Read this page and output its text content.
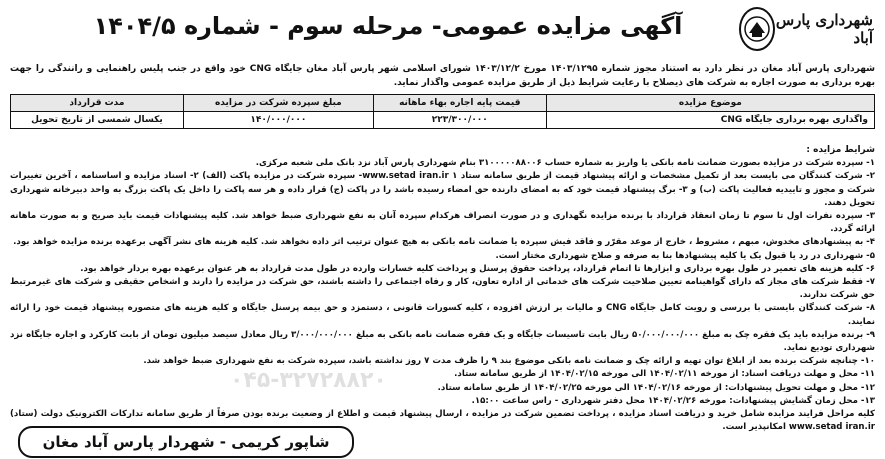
شهرداری پارس آباد
آگهی مزایده عمومی- مرحله سوم - شماره ۱۴۰۴/۵
شهرداری پارس آباد مغان در نظر دارد به استناد مجوز شماره ۱۴۰۳/۱۲۹۵ مورخ ۱۴۰۳/۱۲/۲ شورای اسلامی شهر پارس آباد مغان جایگاه CNG خود واقع در جنب پلیس راهنمایی و رانندگی را جهت بهره برداری به صورت اجاره به شرکت های ذیصلاح با رعایت شرایط ذیل از طریق مزایده عمومی واگذار نماید.
موضوع مزایده	قیمت پایه اجاره بهاء ماهانه	مبلغ سپرده شرکت در مزایده	مدت قرارداد
واگذاری بهره برداری جایگاه CNG	۲۲۳/۳۰۰/۰۰۰	۱۴۰/۰۰۰/۰۰۰	یکسال شمسی از تاریخ تحویل

شرایط مزایده :

۱- سپرده شرکت در مزایده بصورت ضمانت نامه بانکی یا واریز به شماره حساب ۳۱۰۰۰۰۰۸۸۰۰۶ بنام شهرداری پارس آباد نزد بانک ملی شعبه مرکزی.
۲- شرکت کنندگان می بایست بعد از تکمیل مشخصات و ارائه پیشنهاد قیمت از طریق سامانه ستاد www.setad iran.ir ۱- سپرده شرکت در مزایده پاکت (الف) ۲- اسناد مزایده و اساسنامه ، آخرین تغییرات شرکت و مجوز و تاییدیه فعالیت پاکت (ب) و ۳- برگ پیشنهاد قیمت خود که به امضای دارنده حق امضاء رسیده باشد را در پاکت (ج) قرار داده و هر سه پاکت را داخل یک پاکت بزرگ به واحد دبیرخانه شهرداری تحویل دهند.
۳- سپرده نفرات اول تا سوم تا زمان انعقاد قرارداد با برنده مزایده نگهداری و در صورت انصراف هرکدام سپرده آنان به نفع شهرداری ضبط خواهد شد. کلیه پیشنهادات قیمت باید صریح و به صورت ماهانه ارائه گردد.
۴- به پیشنهادهای مخدوش، مبهم ، مشروط ، خارج از موعد مقرّر و فاقد فیش سپرده یا ضمانت نامه بانکی به هیچ عنوان ترتیب اثر داده نخواهد شد. کلیه هزینه های نشر آگهی برعهده برنده مزایده خواهد بود.
۵- شهرداری در رد یا قبول یک یا کلیه پیشنهادها بنا به صرفه و صلاح شهرداری مختار است.
۶- کلیه هزینه های تعمیر در طول بهره برداری و ابزارها تا اتمام قرارداد، پرداخت حقوق پرسنل و پرداخت کلیه خسارات وارده در طول مدت قرارداد به هر عنوان برعهده بهره بردار خواهد بود.
۷- فقط شرکت های مجاز که دارای گواهینامه تعیین صلاحیت شرکت های خدماتی از اداره تعاون، کار و رفاه اجتماعی را داشته باشند، حق شرکت در مزایده را دارند و اشخاص حقیقی و شرکت های غیرمرتبط حق شرکت ندارند.
۸- شرکت کنندگان بایستی با بررسی و رویت کامل جایگاه CNG و مالیات بر ارزش افزوده ، کلیه کسورات قانونی ، دستمزد و حق بیمه پرسنل جایگاه و کلیه هزینه های متصوره پیشنهاد قیمت خود را ارائه نمایند.
۹- برنده مزایده باید یک فقره چک به مبلغ ۵۰/۰۰۰/۰۰۰/۰۰۰ ریال بابت تاسیسات جایگاه و یک فقره ضمانت نامه بانکی به مبلغ ۳/۰۰۰/۰۰۰/۰۰۰ ریال معادل سیصد میلیون تومان از بابت کارکرد و اجاره جایگاه نزد شهرداری تودیع نماید.
۱۰- چنانچه شرکت برنده بعد از ابلاغ توان تهیه و ارائه چک و ضمانت نامه بانکی موضوع بند ۹ را ظرف مدت ۷ روز نداشته باشد، سپرده شرکت به نفع شهرداری ضبط خواهد شد.
۱۱- محل و مهلت دریافت اسناد: از مورخه ۱۴۰۴/۰۲/۱۱ الی مورخه ۱۴۰۴/۰۲/۱۵ از طریق سامانه ستاد.
۱۲- محل و مهلت تحویل پیشنهادات: از مورخه ۱۴۰۴/۰۲/۱۶ الی مورخه ۱۴۰۴/۰۲/۲۵ از طریق سامانه ستاد.
۱۳- محل زمان گشایش پیشنهادات: مورخه ۱۴۰۴/۰۲/۲۶ محل دفتر شهرداری - راس ساعت ۱۵:۰۰.
کلیه مراحل فرایند مزایده شامل خرید و دریافت اسناد مزایده ، پرداخت تضمین شرکت در مزایده ، ارسال پیشنهاد قیمت و اطلاع از وضعیت برنده بودن صرفاً از طریق سامانه تدارکات الکترونیک دولت (ستاد) www.setad iran.ir امکانپذیر است.
۰۴۵-۳۲۷۲۸۸۲۰
شاپور کریمی - شهردار پارس آباد مغان
